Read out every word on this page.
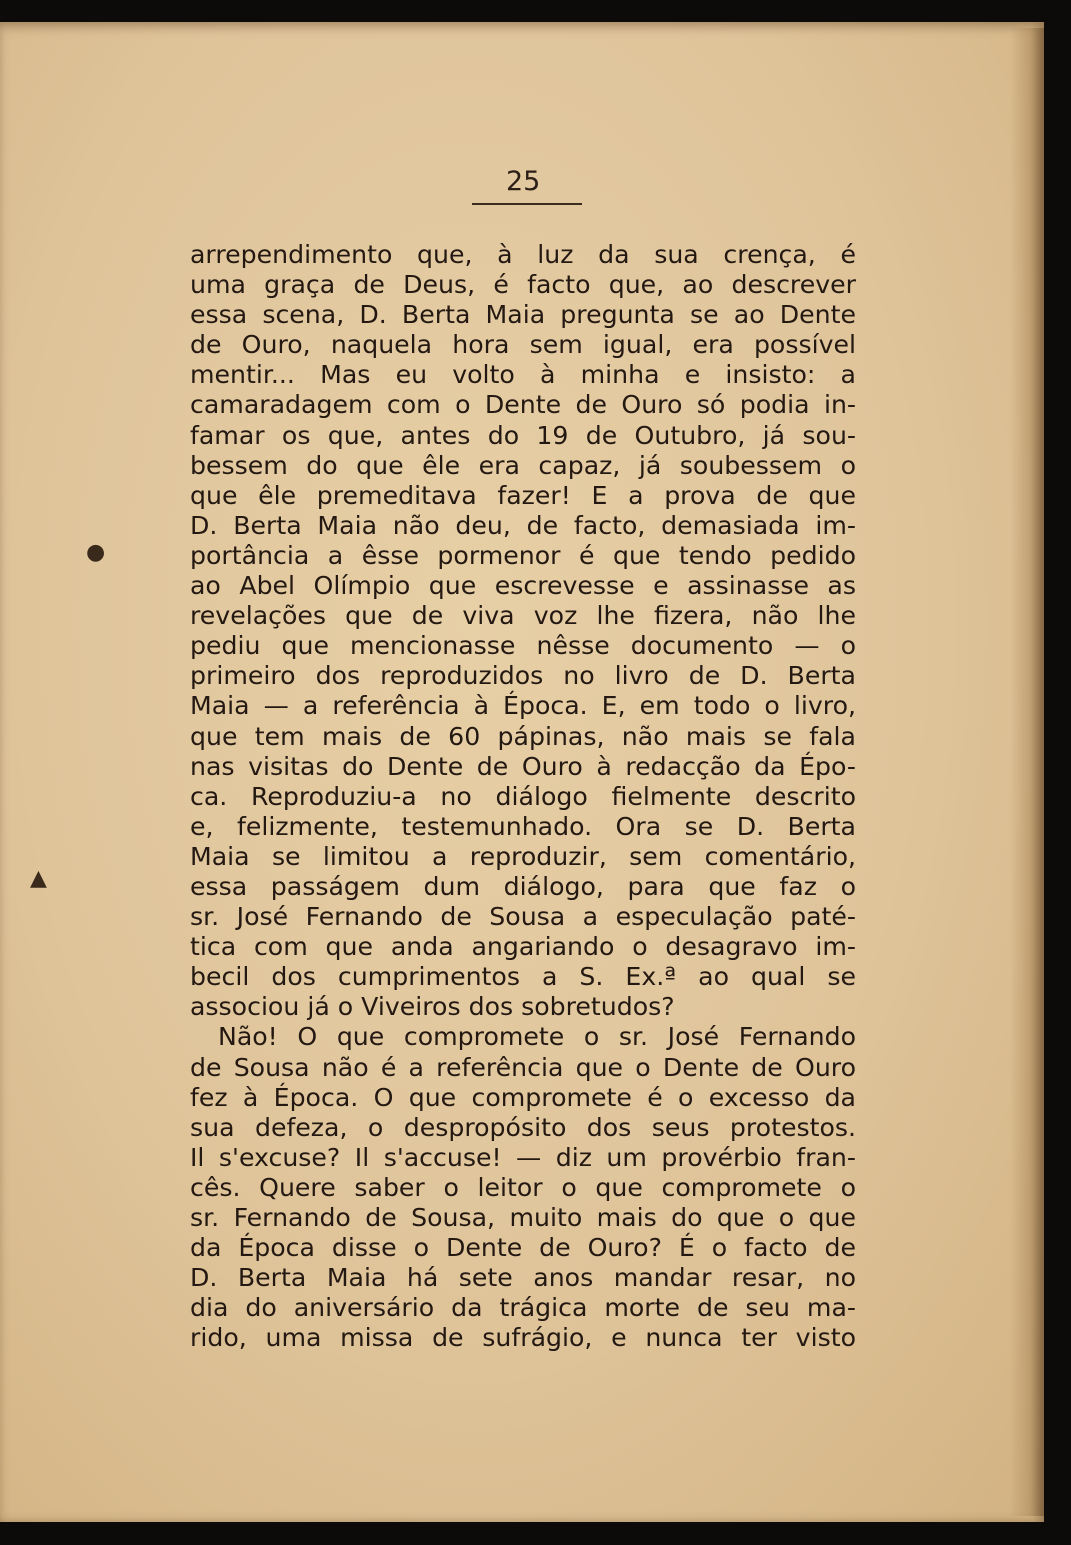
●
▲
25
arrependimento que, à luz da sua crença, é
uma graça de Deus, é facto que, ao descrever
essa scena, D. Berta Maia pregunta se ao Dente
de Ouro, naquela hora sem igual, era possível
mentir... Mas eu volto à minha e insisto: a
camaradagem com o Dente de Ouro só podia in-
famar os que, antes do 19 de Outubro, já sou-
bessem do que êle era capaz, já soubessem o
que êle premeditava fazer! E a prova de que
D. Berta Maia não deu, de facto, demasiada im-
portância a êsse pormenor é que tendo pedido
ao Abel Olímpio que escrevesse e assinasse as
revelações que de viva voz lhe fizera, não lhe
pediu que mencionasse nêsse documento — o
primeiro dos reproduzidos no livro de D. Berta
Maia — a referência à Época. E, em todo o livro,
que tem mais de 60 pápinas, não mais se fala
nas visitas do Dente de Ouro à redacção da Épo-
ca. Reproduziu-a no diálogo fielmente descrito
e, felizmente, testemunhado. Ora se D. Berta
Maia se limitou a reproduzir, sem comentário,
essa passágem dum diálogo, para que faz o
sr. José Fernando de Sousa a especulação paté-
tica com que anda angariando o desagravo im-
becil dos cumprimentos a S. Ex.ª ao qual se
associou já o Viveiros dos sobretudos?
Não! O que compromete o sr. José Fernando
de Sousa não é a referência que o Dente de Ouro
fez à Época. O que compromete é o excesso da
sua defeza, o despropósito dos seus protestos.
Il s'excuse? Il s'accuse! — diz um provérbio fran-
cês. Quere saber o leitor o que compromete o
sr. Fernando de Sousa, muito mais do que o que
da Época disse o Dente de Ouro? É o facto de
D. Berta Maia há sete anos mandar resar, no
dia do aniversário da trágica morte de seu ma-
rido, uma missa de sufrágio, e nunca ter visto
